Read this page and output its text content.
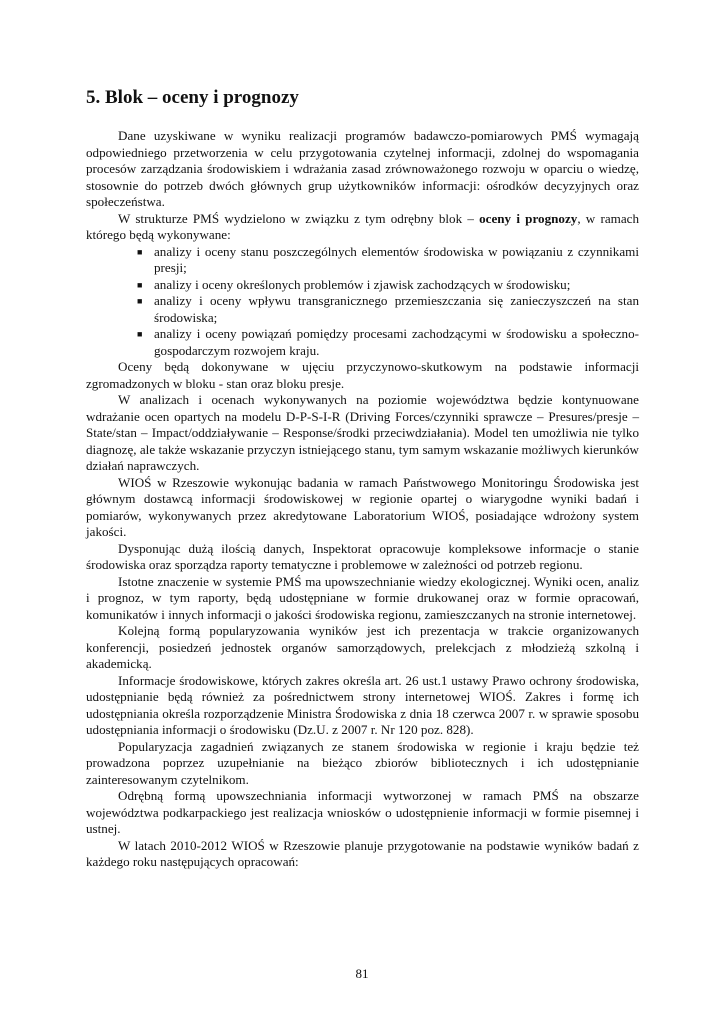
5. Blok – oceny i prognozy

Dane uzyskiwane w wyniku realizacji programów badawczo-pomiarowych PMŚ wymagają odpowiedniego przetworzenia w celu przygotowania czytelnej informacji, zdolnej do wspomagania procesów zarządzania środowiskiem i wdrażania zasad zrównoważonego rozwoju w oparciu o wiedzę, stosownie do potrzeb dwóch głównych grup użytkowników informacji: ośrodków decyzyjnych oraz społeczeństwa.

W strukturze PMŚ wydzielono w związku z tym odrębny blok – oceny i prognozy, w ramach którego będą wykonywane:

■ analizy i oceny stanu poszczególnych elementów środowiska w powiązaniu z czynnikami presji;
■ analizy i oceny określonych problemów i zjawisk zachodzących w środowisku;
■ analizy i oceny wpływu transgranicznego przemieszczania się zanieczyszczeń na stan środowiska;
■ analizy i oceny powiązań pomiędzy procesami zachodzącymi w środowisku a społeczno-gospodarczym rozwojem kraju.

Oceny będą dokonywane w ujęciu przyczynowo-skutkowym na podstawie informacji zgromadzonych w bloku - stan oraz bloku presje.

W analizach i ocenach wykonywanych na poziomie województwa będzie kontynuowane wdrażanie ocen opartych na modelu D-P-S-I-R (Driving Forces/czynniki sprawcze – Presures/presje – State/stan – Impact/oddziaływanie – Response/środki przeciwdziałania). Model ten umożliwia nie tylko diagnozę, ale także wskazanie przyczyn istniejącego stanu, tym samym wskazanie możliwych kierunków działań naprawczych.

WIOŚ w Rzeszowie wykonując badania w ramach Państwowego Monitoringu Środowiska jest głównym dostawcą informacji środowiskowej w regionie opartej o wiarygodne wyniki badań i pomiarów, wykonywanych przez akredytowane Laboratorium WIOŚ, posiadające wdrożony system jakości.

Dysponując dużą ilością danych, Inspektorat opracowuje kompleksowe informacje o stanie środowiska oraz sporządza raporty tematyczne i problemowe w zależności od potrzeb regionu.

Istotne znaczenie w systemie PMŚ ma upowszechnianie wiedzy ekologicznej. Wyniki ocen, analiz i prognoz, w tym raporty, będą udostępniane w formie drukowanej oraz w formie opracowań, komunikatów i innych informacji o jakości środowiska regionu, zamieszczanych na stronie internetowej.

Kolejną formą popularyzowania wyników jest ich prezentacja w trakcie organizowanych konferencji, posiedzeń jednostek organów samorządowych, prelekcjach z młodzieżą szkolną i akademicką.

Informacje środowiskowe, których zakres określa art. 26 ust.1 ustawy Prawo ochrony środowiska, udostępnianie będą również za pośrednictwem strony internetowej WIOŚ. Zakres i formę ich udostępniania określa rozporządzenie Ministra Środowiska z dnia 18 czerwca 2007 r. w sprawie sposobu udostępniania informacji o środowisku (Dz.U. z 2007 r. Nr 120 poz. 828).

Popularyzacja zagadnień związanych ze stanem środowiska w regionie i kraju będzie też prowadzona poprzez uzupełnianie na bieżąco zbiorów bibliotecznych i ich udostępnianie zainteresowanym czytelnikom.

Odrębną formą upowszechniania informacji wytworzonej w ramach PMŚ na obszarze województwa podkarpackiego jest realizacja wniosków o udostępnienie informacji w formie pisemnej i ustnej.

W latach 2010-2012 WIOŚ w Rzeszowie planuje przygotowanie na podstawie wyników badań z każdego roku następujących opracowań:

81
